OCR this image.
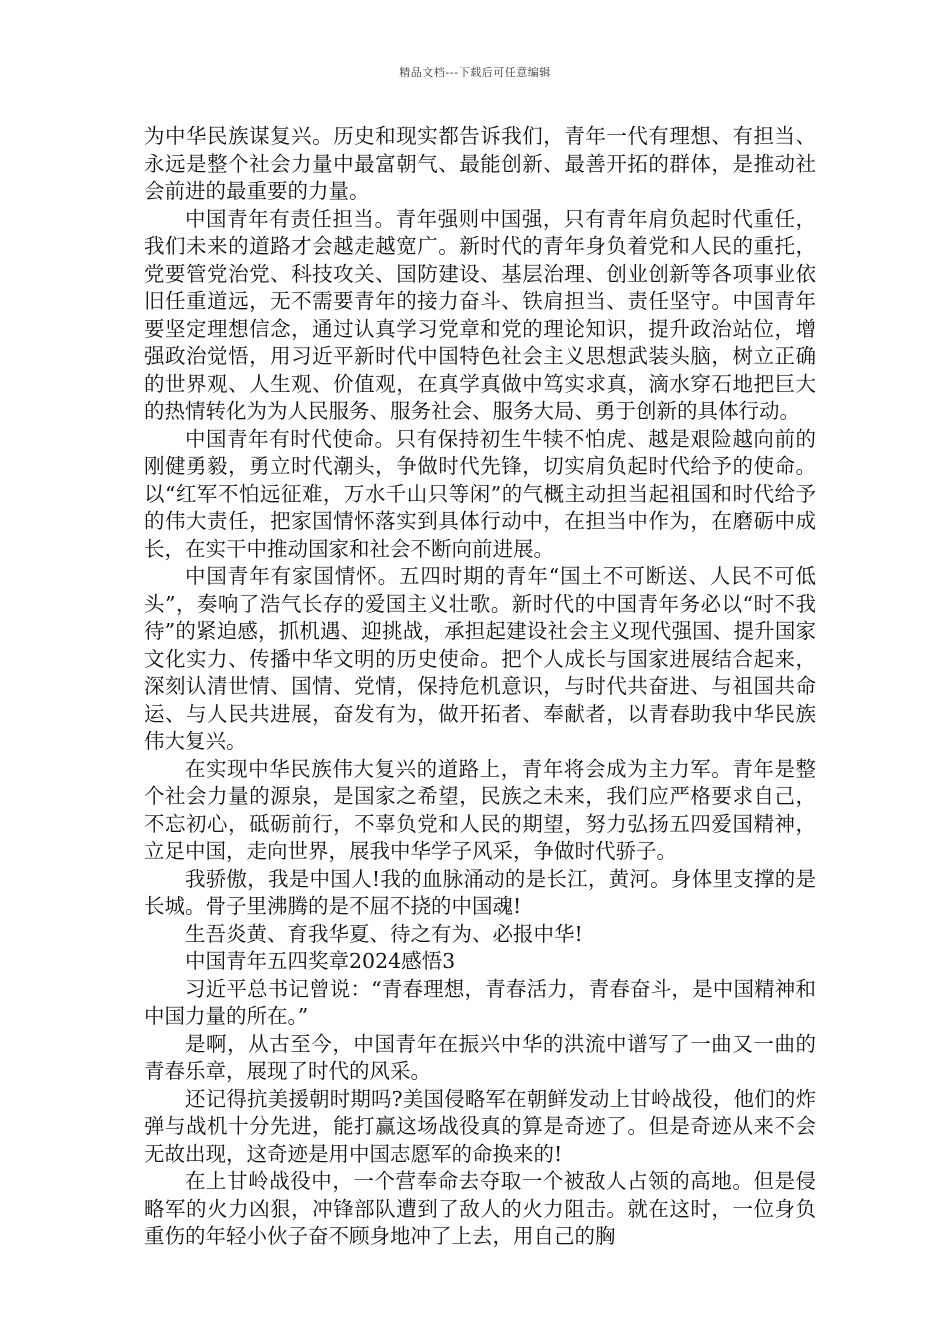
精品文档---下载后可任意编辑

为中华民族谋复兴。历史和现实都告诉我们，青年一代有理想、有担当、永远是整个社会力量中最富朝气、最能创新、最善开拓的群体，是推动社会前进的最重要的力量。

中国青年有责任担当。青年强则中国强，只有青年肩负起时代重任，我们未来的道路才会越走越宽广。新时代的青年身负着党和人民的重托，党要管党治党、科技攻关、国防建设、基层治理、创业创新等各项事业依旧任重道远，无不需要青年的接力奋斗、铁肩担当、责任坚守。中国青年要坚定理想信念，通过认真学习党章和党的理论知识，提升政治站位，增强政治觉悟，用习近平新时代中国特色社会主义思想武装头脑，树立正确的世界观、人生观、价值观，在真学真做中笃实求真，滴水穿石地把巨大的热情转化为为人民服务、服务社会、服务大局、勇于创新的具体行动。

中国青年有时代使命。只有保持初生牛犊不怕虎、越是艰险越向前的刚健勇毅，勇立时代潮头，争做时代先锋，切实肩负起时代给予的使命。以“红军不怕远征难，万水千山只等闲”的气概主动担当起祖国和时代给予的伟大责任，把家国情怀落实到具体行动中，在担当中作为，在磨砺中成长，在实干中推动国家和社会不断向前进展。

中国青年有家国情怀。五四时期的青年“国土不可断送、人民不可低头”，奏响了浩气长存的爱国主义壮歌。新时代的中国青年务必以“时不我待”的紧迫感，抓机遇、迎挑战，承担起建设社会主义现代强国、提升国家文化实力、传播中华文明的历史使命。把个人成长与国家进展结合起来，深刻认清世情、国情、党情，保持危机意识，与时代共奋进、与祖国共命运、与人民共进展，奋发有为，做开拓者、奉献者，以青春助我中华民族伟大复兴。

在实现中华民族伟大复兴的道路上，青年将会成为主力军。青年是整个社会力量的源泉，是国家之希望，民族之未来，我们应严格要求自己，不忘初心，砥砺前行，不辜负党和人民的期望，努力弘扬五四爱国精神，立足中国，走向世界，展我中华学子风采，争做时代骄子。

我骄傲，我是中国人!我的血脉涌动的是长江，黄河。身体里支撑的是长城。骨子里沸腾的是不屈不挠的中国魂!

生吾炎黄、育我华夏、待之有为、必报中华!

中国青年五四奖章2024感悟3

习近平总书记曾说：“青春理想，青春活力，青春奋斗，是中国精神和中国力量的所在。”

是啊，从古至今，中国青年在振兴中华的洪流中谱写了一曲又一曲的青春乐章，展现了时代的风采。

还记得抗美援朝时期吗?美国侵略军在朝鲜发动上甘岭战役，他们的炸弹与战机十分先进，能打赢这场战役真的算是奇迹了。但是奇迹从来不会无故出现，这奇迹是用中国志愿军的命换来的!

在上甘岭战役中，一个营奉命去夺取一个被敌人占领的高地。但是侵略军的火力凶狠，冲锋部队遭到了敌人的火力阻击。就在这时，一位身负重伤的年轻小伙子奋不顾身地冲了上去，用自己的胸
